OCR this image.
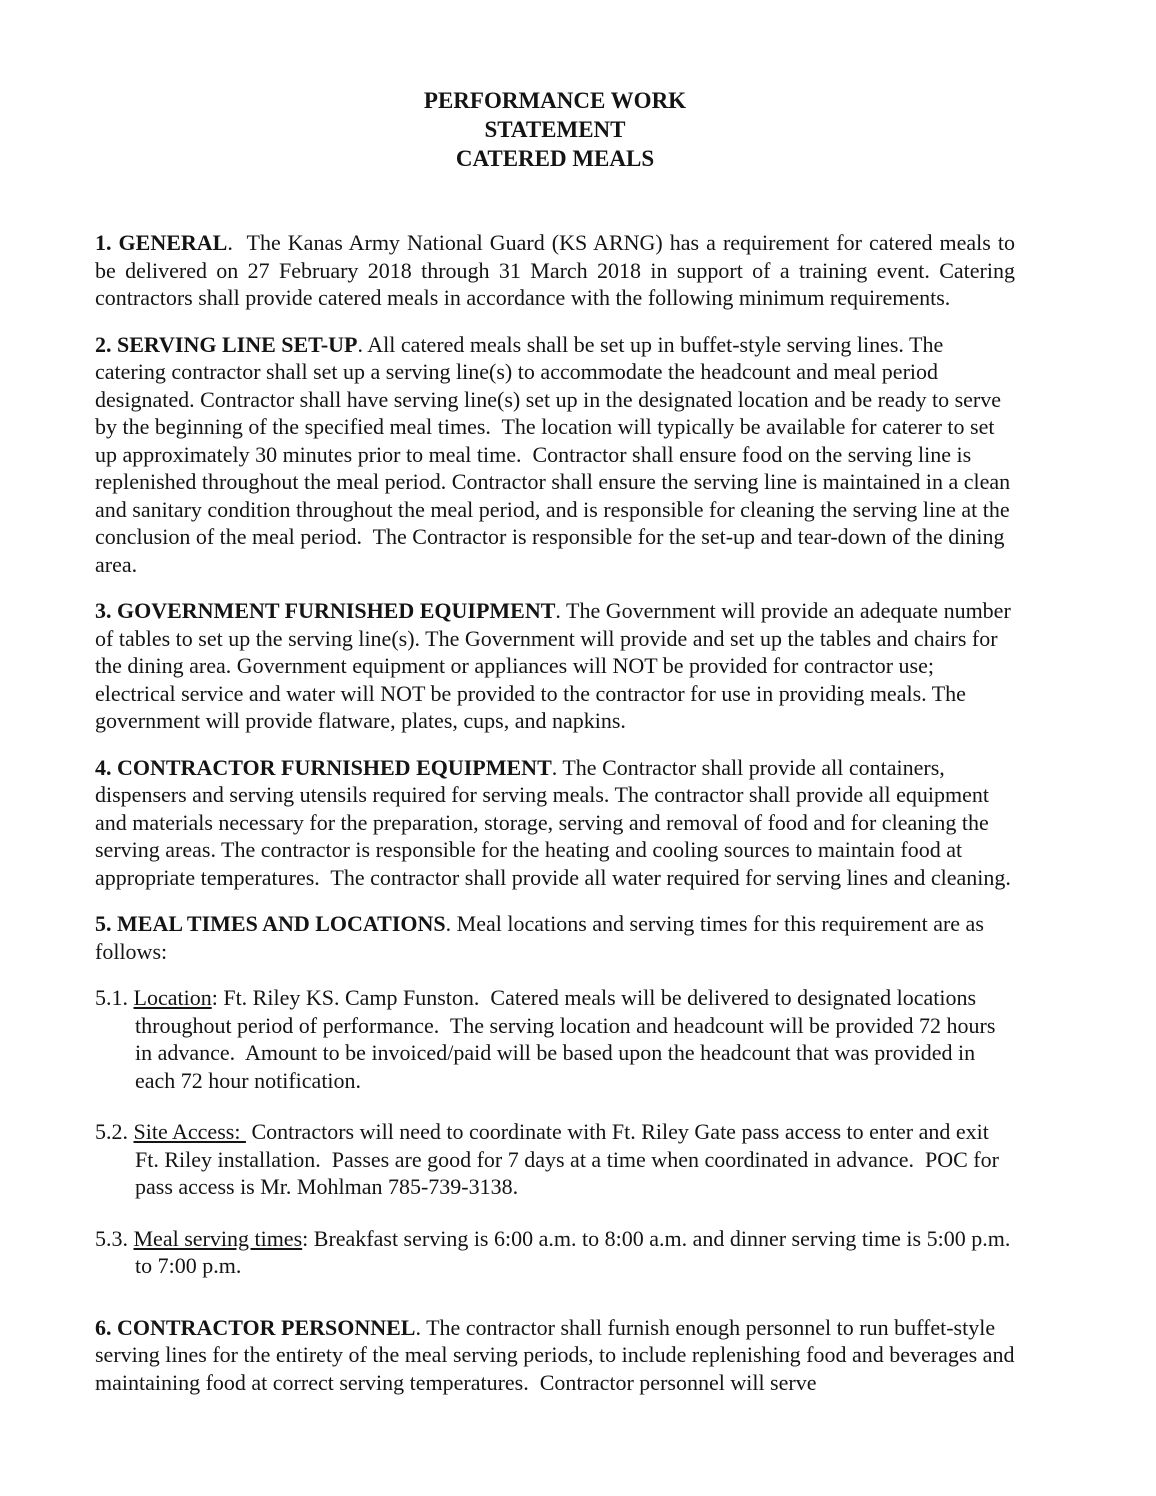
PERFORMANCE WORK
STATEMENT
CATERED MEALS

1. GENERAL.  The Kanas Army National Guard (KS ARNG) has a requirement for catered meals to be delivered on 27 February 2018 through 31 March 2018 in support of a training event. Catering contractors shall provide catered meals in accordance with the following minimum requirements.

2. SERVING LINE SET-UP. All catered meals shall be set up in buffet-style serving lines. The catering contractor shall set up a serving line(s) to accommodate the headcount and meal period designated. Contractor shall have serving line(s) set up in the designated location and be ready to serve by the beginning of the specified meal times.  The location will typically be available for caterer to set up approximately 30 minutes prior to meal time.  Contractor shall ensure food on the serving line is replenished throughout the meal period. Contractor shall ensure the serving line is maintained in a clean and sanitary condition throughout the meal period, and is responsible for cleaning the serving line at the conclusion of the meal period.  The Contractor is responsible for the set-up and tear-down of the dining area.

3. GOVERNMENT FURNISHED EQUIPMENT. The Government will provide an adequate number of tables to set up the serving line(s). The Government will provide and set up the tables and chairs for the dining area. Government equipment or appliances will NOT be provided for contractor use; electrical service and water will NOT be provided to the contractor for use in providing meals. The government will provide flatware, plates, cups, and napkins.

4. CONTRACTOR FURNISHED EQUIPMENT. The Contractor shall provide all containers, dispensers and serving utensils required for serving meals. The contractor shall provide all equipment and materials necessary for the preparation, storage, serving and removal of food and for cleaning the serving areas. The contractor is responsible for the heating and cooling sources to maintain food at appropriate temperatures.  The contractor shall provide all water required for serving lines and cleaning.

5. MEAL TIMES AND LOCATIONS. Meal locations and serving times for this requirement are as follows:

5.1. Location: Ft. Riley KS. Camp Funston.  Catered meals will be delivered to designated locations throughout period of performance.  The serving location and headcount will be provided 72 hours in advance.  Amount to be invoiced/paid will be based upon the headcount that was provided in each 72 hour notification.

5.2. Site Access:  Contractors will need to coordinate with Ft. Riley Gate pass access to enter and exit Ft. Riley installation.  Passes are good for 7 days at a time when coordinated in advance.  POC for pass access is Mr. Mohlman 785-739-3138.

5.3. Meal serving times: Breakfast serving is 6:00 a.m. to 8:00 a.m. and dinner serving time is 5:00 p.m. to 7:00 p.m.

6. CONTRACTOR PERSONNEL. The contractor shall furnish enough personnel to run buffet-style serving lines for the entirety of the meal serving periods, to include replenishing food and beverages and maintaining food at correct serving temperatures.  Contractor personnel will serve
